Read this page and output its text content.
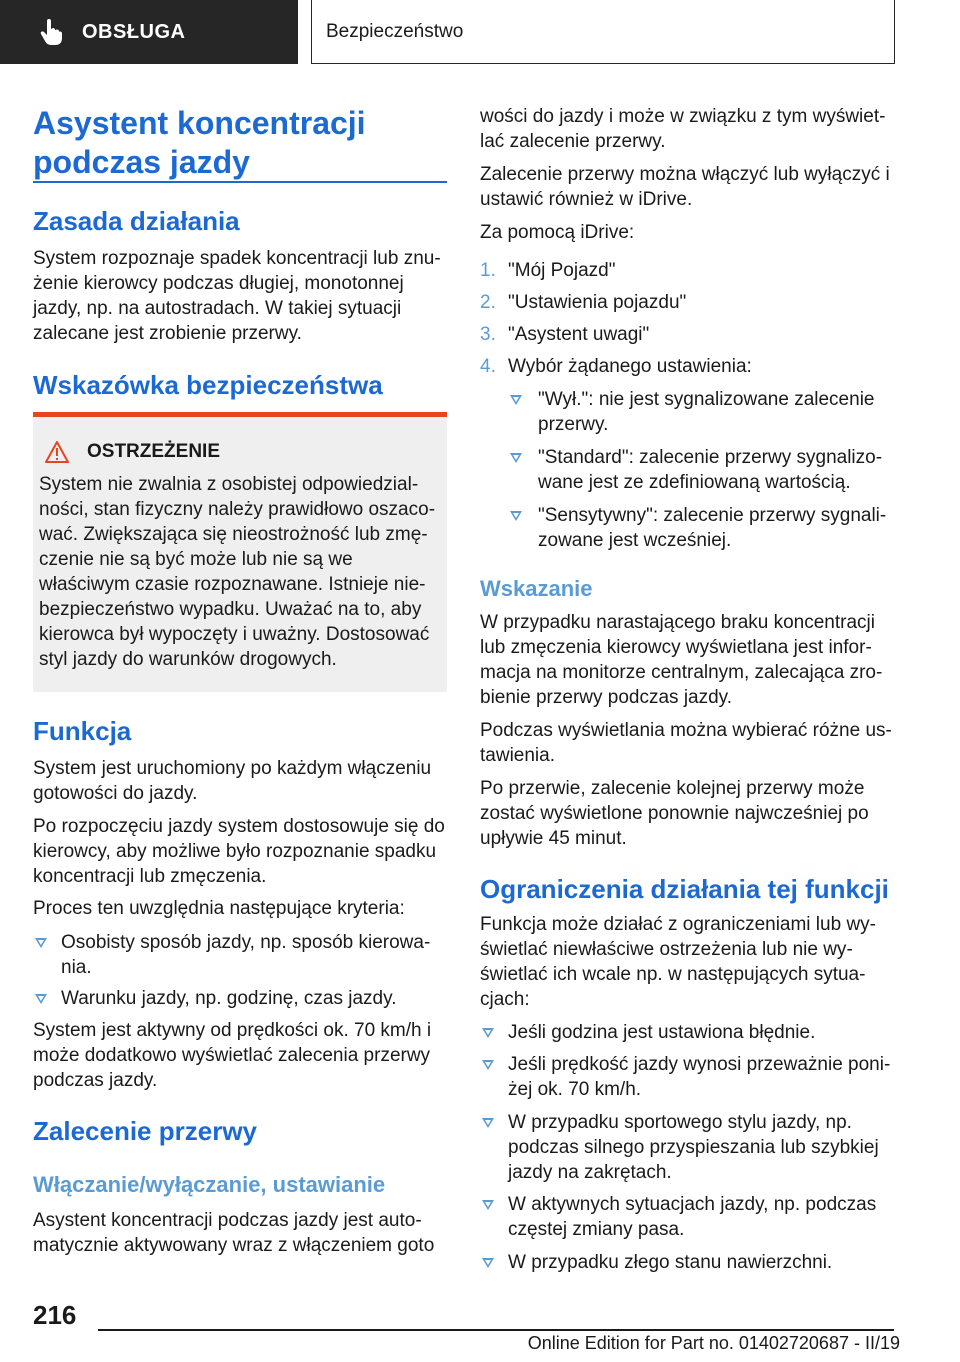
OBSŁUGA	Bezpieczeństwo
Asystent koncentracji podczas jazdy
Zasada działania
System rozpoznaje spadek koncentracji lub znużenie kierowcy podczas długiej, monotonnej jazdy, np. na autostradach. W takiej sytuacji zalecane jest zrobienie przerwy.
Wskazówka bezpieczeństwa
OSTRZEŻENIE
System nie zwalnia z osobistej odpowiedzialności, stan fizyczny należy prawidłowo oszacować. Zwiększająca się nieostrożność lub zmęczenie nie są być może lub nie są we właściwym czasie rozpoznawane. Istnieje niebezpieczeństwo wypadku. Uważać na to, aby kierowca był wypoczęty i uważny. Dostosować styl jazdy do warunków drogowych.
Funkcja
System jest uruchomiony po każdym włączeniu gotowości do jazdy.
Po rozpoczęciu jazdy system dostosowuje się do kierowcy, aby możliwe było rozpoznanie spadku koncentracji lub zmęczenia.
Proces ten uwzględnia następujące kryteria:
Osobisty sposób jazdy, np. sposób kierowania.
Warunku jazdy, np. godzinę, czas jazdy.
System jest aktywny od prędkości ok. 70 km/h i może dodatkowo wyświetlać zalecenia przerwy podczas jazdy.
Zalecenie przerwy
Włączanie/wyłączanie, ustawianie
Asystent koncentracji podczas jazdy jest automatycznie aktywowany wraz z włączeniem goto
wości do jazdy i może w związku z tym wyświetlać zalecenie przerwy.
Zalecenie przerwy można włączyć lub wyłączyć i ustawić również w iDrive.
Za pomocą iDrive:
1. "Mój Pojazd"
2. "Ustawienia pojazdu"
3. "Asystent uwagi"
4. Wybór żądanego ustawienia:
"Wył.": nie jest sygnalizowane zalecenie przerwy.
"Standard": zalecenie przerwy sygnalizowane jest ze zdefiniowaną wartością.
"Sensytywny": zalecenie przerwy sygnalizowane jest wcześniej.
Wskazanie
W przypadku narastającego braku koncentracji lub zmęczenia kierowcy wyświetlana jest informacja na monitorze centralnym, zalecająca zrobienie przerwy podczas jazdy.
Podczas wyświetlania można wybierać różne ustawienia.
Po przerwie, zalecenie kolejnej przerwy może zostać wyświetlone ponownie najwcześniej po upływie 45 minut.
Ograniczenia działania tej funkcji
Funkcja może działać z ograniczeniami lub wyświetlać niewłaściwe ostrzeżenia lub nie wyświetlać ich wcale np. w następujących sytuacjach:
Jeśli godzina jest ustawiona błędnie.
Jeśli prędkość jazdy wynosi przeważnie poniżej ok. 70 km/h.
W przypadku sportowego stylu jazdy, np. podczas silnego przyspieszania lub szybkiej jazdy na zakrętach.
W aktywnych sytuacjach jazdy, np. podczas częstej zmiany pasa.
W przypadku złego stanu nawierzchni.
216
Online Edition for Part no. 01402720687 - II/19
